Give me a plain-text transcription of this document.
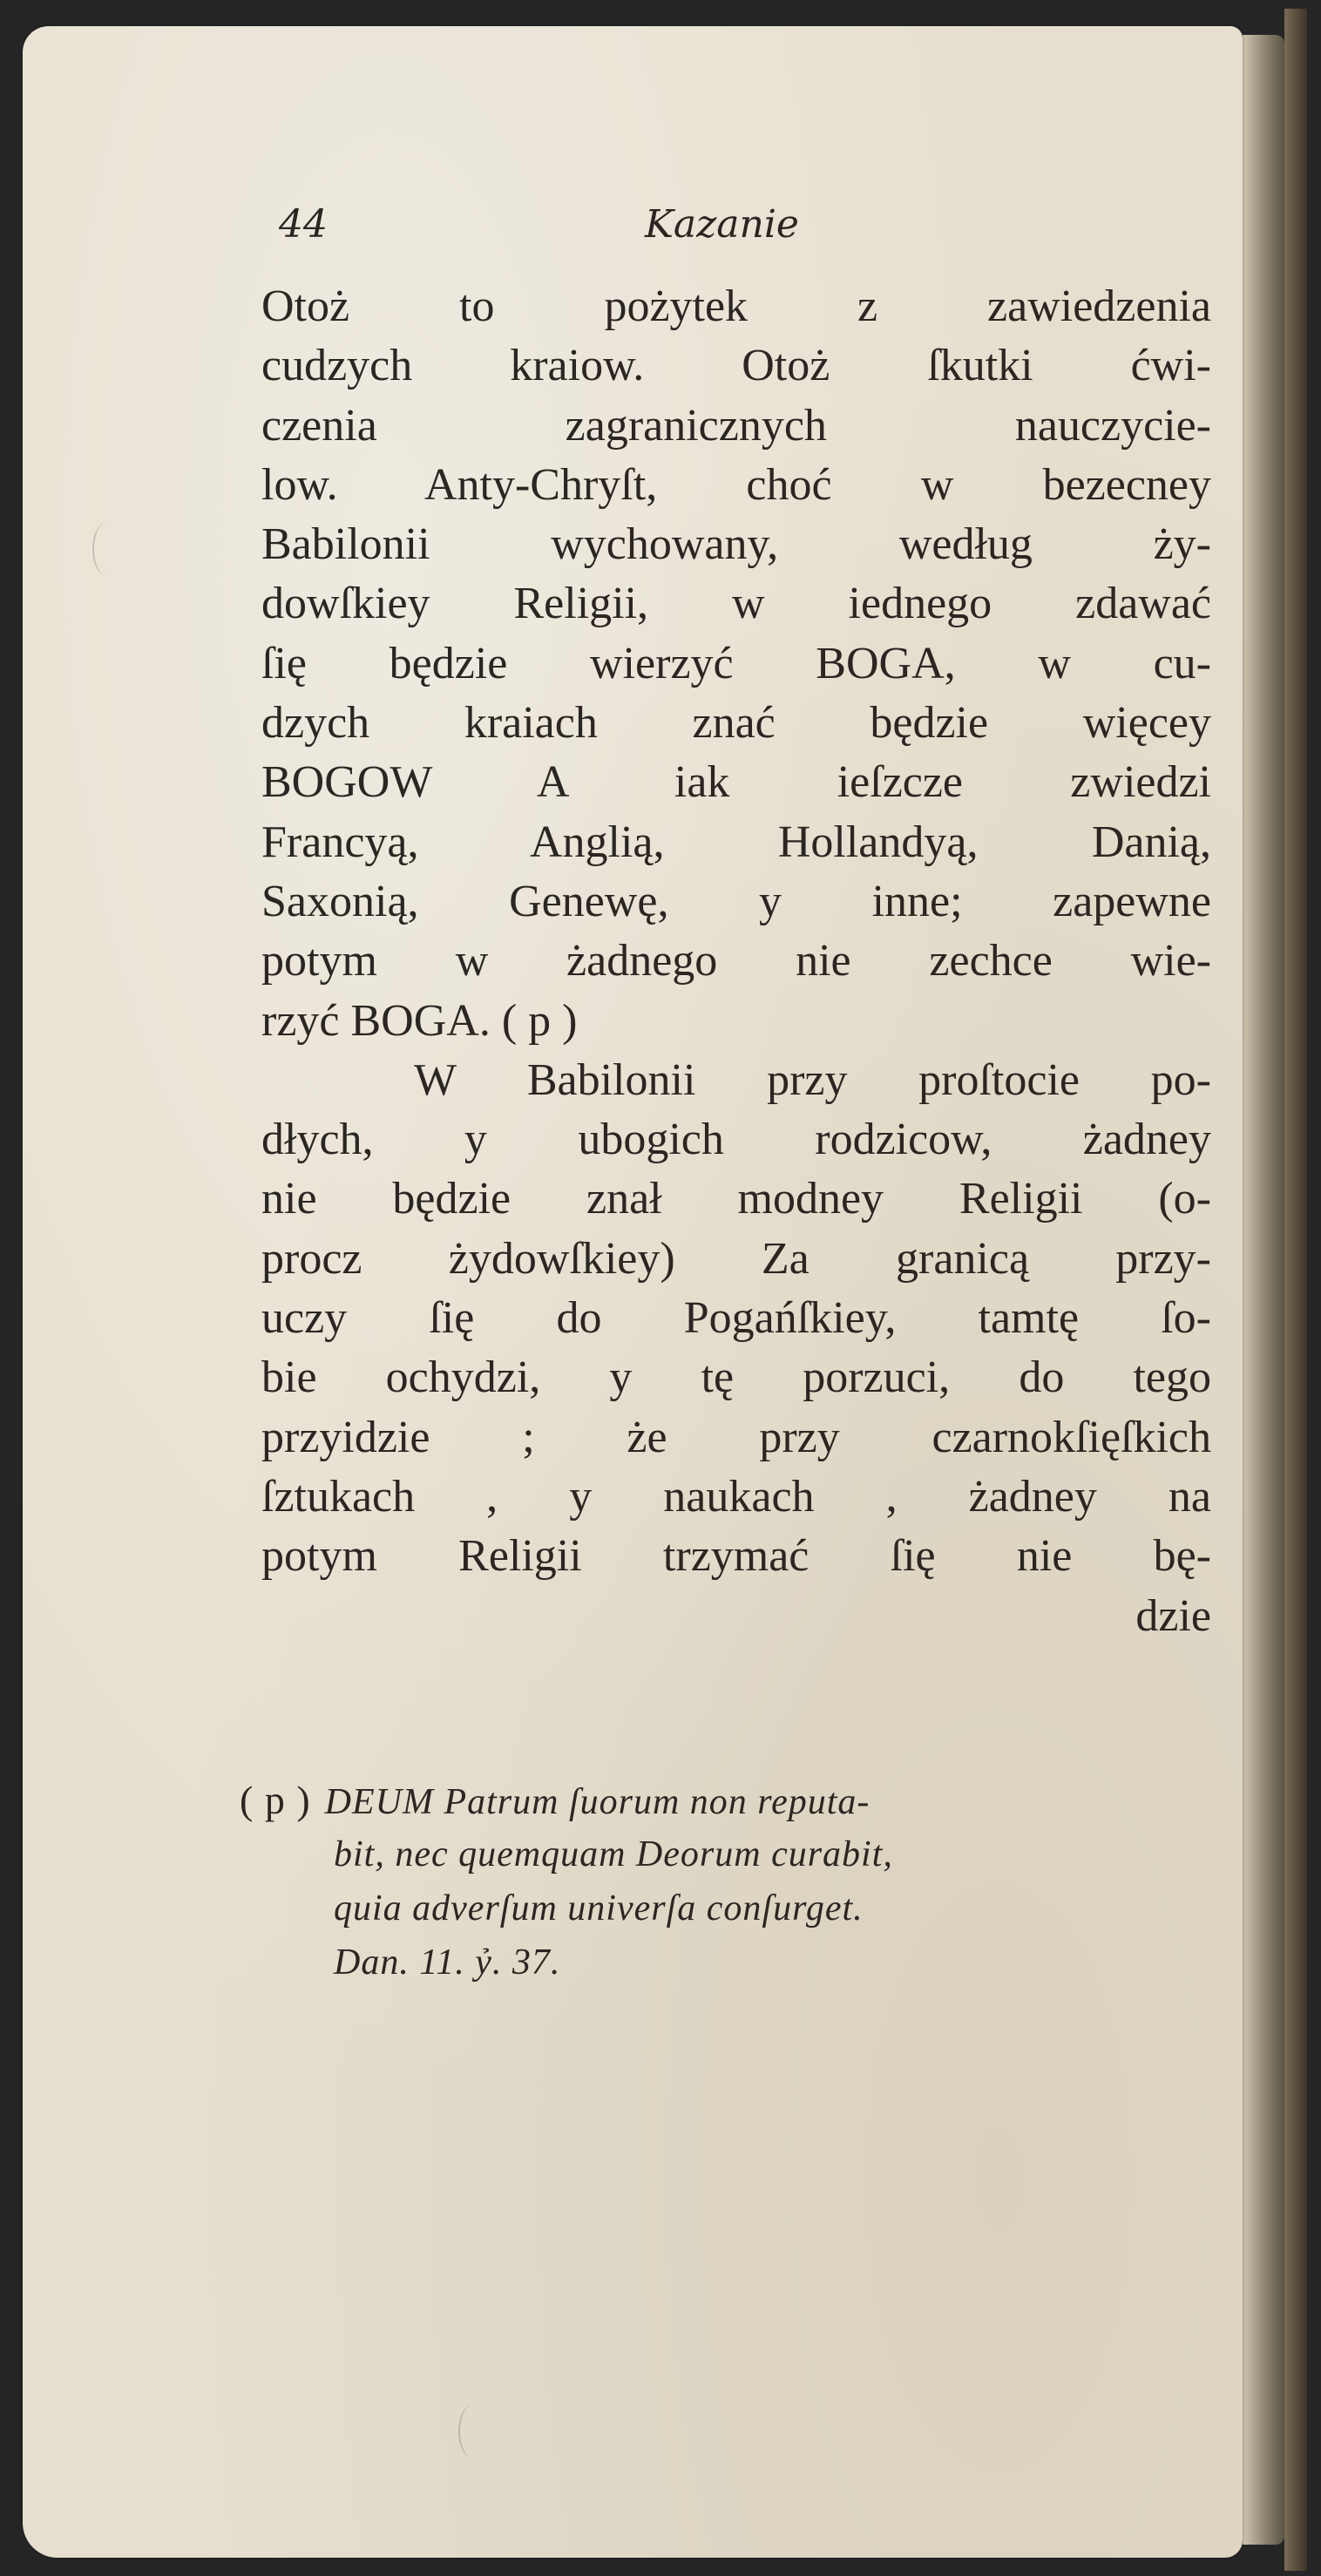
44	Kazanie
Otoż to pożytek z zawiedzenia
cudzych kraiow. Otoż ſkutki ćwi-
czenia zagranicznych nauczycie-
low. Anty-Chryſt, choć w bezecney
Babilonii wychowany, według ży-
dowſkiey Religii, w iednego zdawać
ſię będzie wierzyć BOGA, w cu-
dzych kraiach znać będzie więcey
BOGOW A iak ieſzcze zwiedzi
Francyą, Anglią, Hollandyą, Danią,
Saxonią, Genewę, y inne; zapewne
potym w żadnego nie zechce wie-
rzyć BOGA. ( p )
W Babilonii przy proſtocie po-
dłych, y ubogich rodzicow, żadney
nie będzie znał modney Religii (o-
procz żydowſkiey) Za granicą przy-
uczy ſię do Pogańſkiey, tamtę ſo-
bie ochydzi, y tę porzuci, do tego
przyidzie ; że przy czarnokſięſkich
ſztukach , y naukach , żadney na
potym Religii trzymać ſię nie bę-
dzie
( p ) DEUM Patrum ſuorum non reputa-
bit, nec quemquam Deorum curabit,
quia adverſum univerſa conſurget.
Dan. 11. ỷ. 37.
